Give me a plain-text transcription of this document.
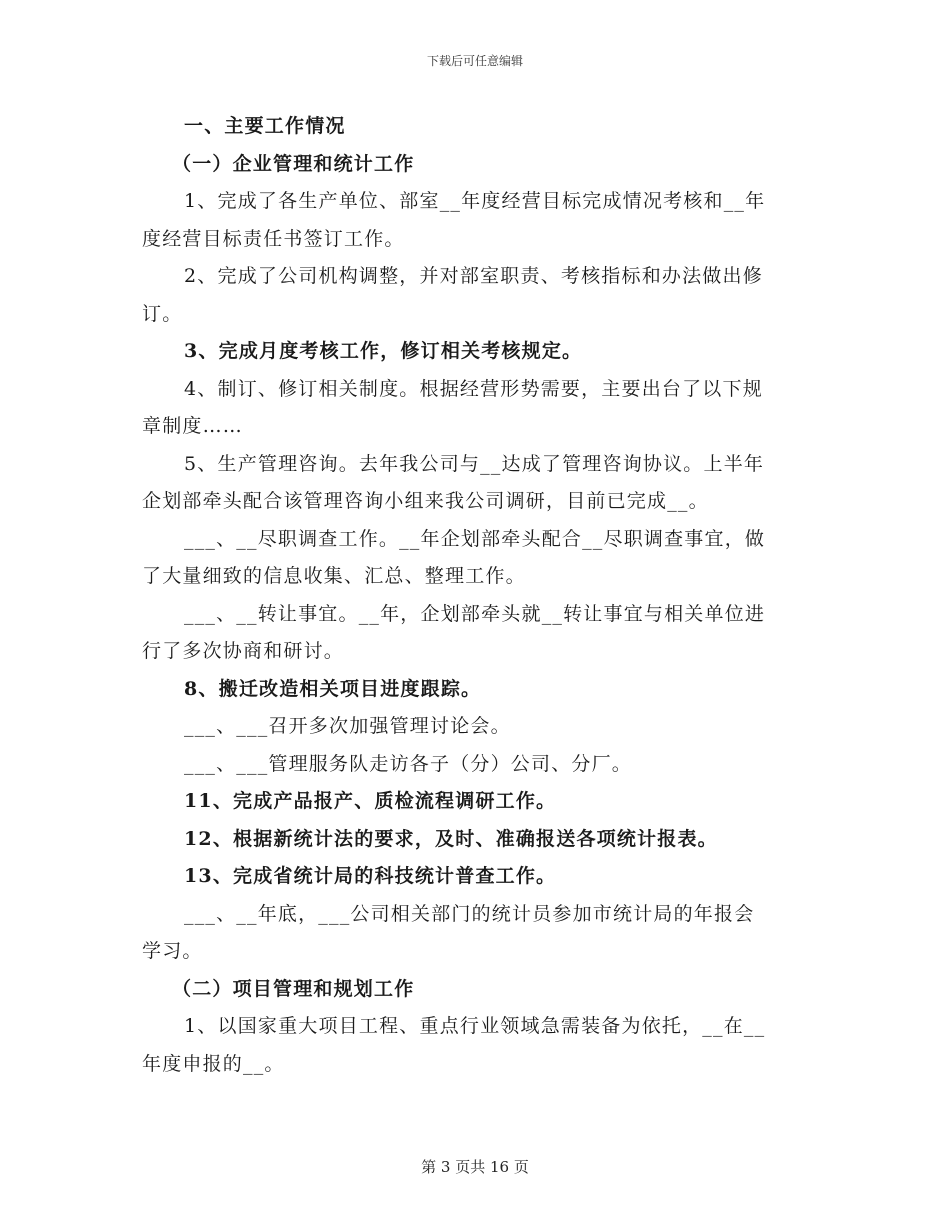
下载后可任意编辑
一、主要工作情况
（一）企业管理和统计工作
1、完成了各生产单位、部室__年度经营目标完成情况考核和__年
度经营目标责任书签订工作。
2、完成了公司机构调整，并对部室职责、考核指标和办法做出修
订。
3、完成月度考核工作，修订相关考核规定。
4、制订、修订相关制度。根据经营形势需要，主要出台了以下规
章制度……
5、生产管理咨询。去年我公司与__达成了管理咨询协议。上半年
企划部牵头配合该管理咨询小组来我公司调研，目前已完成__。
___、__尽职调查工作。__年企划部牵头配合__尽职调查事宜，做
了大量细致的信息收集、汇总、整理工作。
___、__转让事宜。__年，企划部牵头就__转让事宜与相关单位进
行了多次协商和研讨。
8、搬迁改造相关项目进度跟踪。
___、___召开多次加强管理讨论会。
___、___管理服务队走访各子（分）公司、分厂。
11、完成产品报产、质检流程调研工作。
12、根据新统计法的要求，及时、准确报送各项统计报表。
13、完成省统计局的科技统计普查工作。
___、__年底，___公司相关部门的统计员参加市统计局的年报会
学习。
（二）项目管理和规划工作
1、以国家重大项目工程、重点行业领域急需装备为依托，__在__
年度申报的__。
第 3 页共 16 页
